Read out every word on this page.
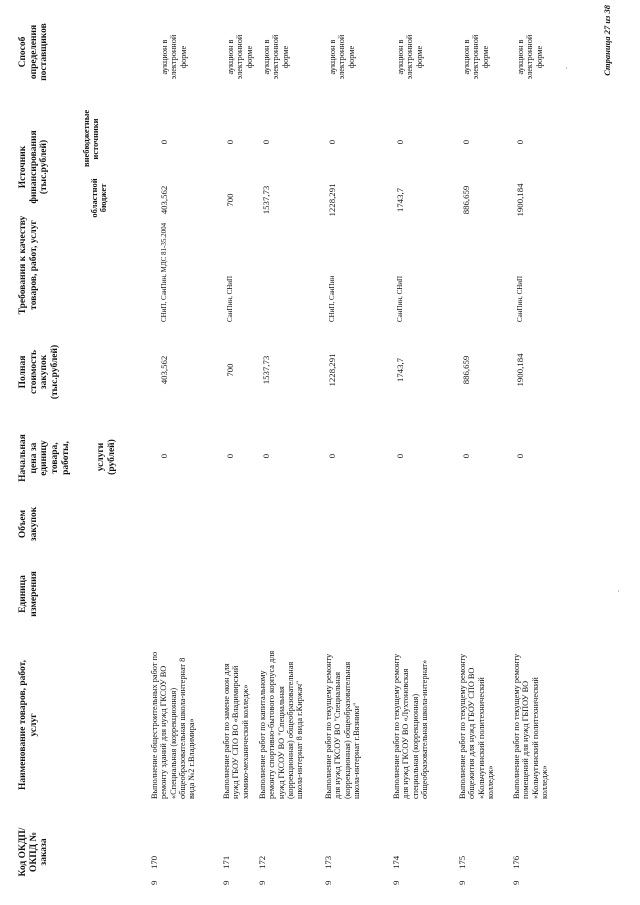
Код ОКДП/ ОКПД № заказа
Наименование товаров, работ, услуг
Единица измерения
Объем закупок
Начальная цена за единицу товара, работы,	услуги (рублей)
Полная стоимость закупок (тыс.рублей)
Требования к качеству товаров, работ, услуг
Источник финансирования (тыс.рублей)
областной бюджет
внебюджетные источники
Способ определения поставщиков
9
170
Выполнение общестроительных работ по ремонту зданий для нужд ГКСОУ ВО «Специальная (коррекционная) общеобразовательная школа-интернат 8 вида №2 г.Владимира»
0
403,562
СНиП, СанПин, МДС 81-35.2004
403,562
0
аукцион в электронной форме
9
171
Выполнение работ по замене окон для нужд ГБОУ СПО ВО «Владимирский химико-механический колледж»
0
700
СанПин, СНиП
700
0
аукцион в электронной форме
9
172
Выполнение работ по капитальному ремонту спортивно-бытового корпуса для нужд ГКСОУ ВО "Специальная (коррекционная) общеобразовательная школа-интернат 8 вида г.Киржач"
0
1537,73
1537,73
0
аукцион в электронной форме
9
173
Выполнение работ по текущему ремонту для нужд ГКСОУ ВО "Специальная (коррекционная) общеобразовательная школа-интернат г.Вязники"
0
1228,291
СНиП, СанПин
1228,291
0
аукцион в электронной форме
9
174
Выполнение работ по текущему ремонту для нужд ГКСОУ ВО «Лухтоновская специальная (коррекционная) общеобразовательная школа-интернат»
0
1743,7
СанПин, СНиП
1743,7
0
аукцион в электронной форме
9
175
Выполнение работ по текущему ремонту общежития для нужд ГБОУ СПО ВО «Кольчугинский политехнический колледж»
0
886,659
886,659
0
аукцион в электронной форме
9
176
Выполнение работ по текущему ремонту помещений для нужд ГБПОУ ВО «Кольчугинский политехнический колледж»
0
1900,184
СанПин, СНиП
1900,184
0
аукцион в электронной форме .
.
Страница 27 из 38
